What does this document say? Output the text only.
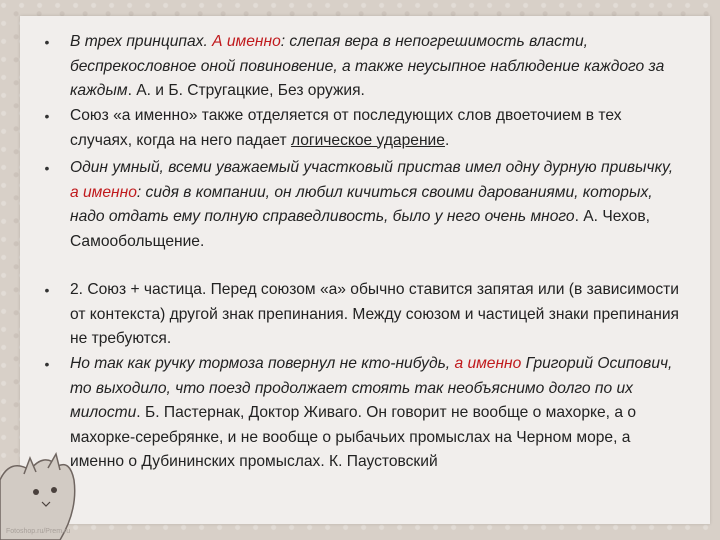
Fotoshop.ru/Prem.ru
• В трех принципах. А именно: слепая вера в непогрешимость власти, беспрекословное оной повиновение, а также неусыпное наблюдение каждого за каждым. А. и Б. Стругацкие, Без оружия.
• Союз «а именно» также отделяется от последующих слов двоеточием в тех случаях, когда на него падает логическое ударение.
• Один умный, всеми уважаемый участковый пристав имел одну дурную привычку, а именно: сидя в компании, он любил кичиться своими дарованиями, которых, надо отдать ему полную справедливость, было у него очень много. А. Чехов, Самообольщение.
• 2. Союз + частица. Перед союзом «а» обычно ставится запятая или (в зависимости от контекста) другой знак препинания. Между союзом и частицей знаки препинания не требуются.
• Но так как ручку тормоза повернул не кто-нибудь, а именно Григорий Осипович, то выходило, что поезд продолжает стоять так необъяснимо долго по их милости. Б. Пастернак, Доктор Живаго. Он говорит не вообще о махорке, а о махорке-серебрянке, и не вообще о рыбачьих промыслах на Черном море, а именно о Дубининских промыслах. К. Паустовский
